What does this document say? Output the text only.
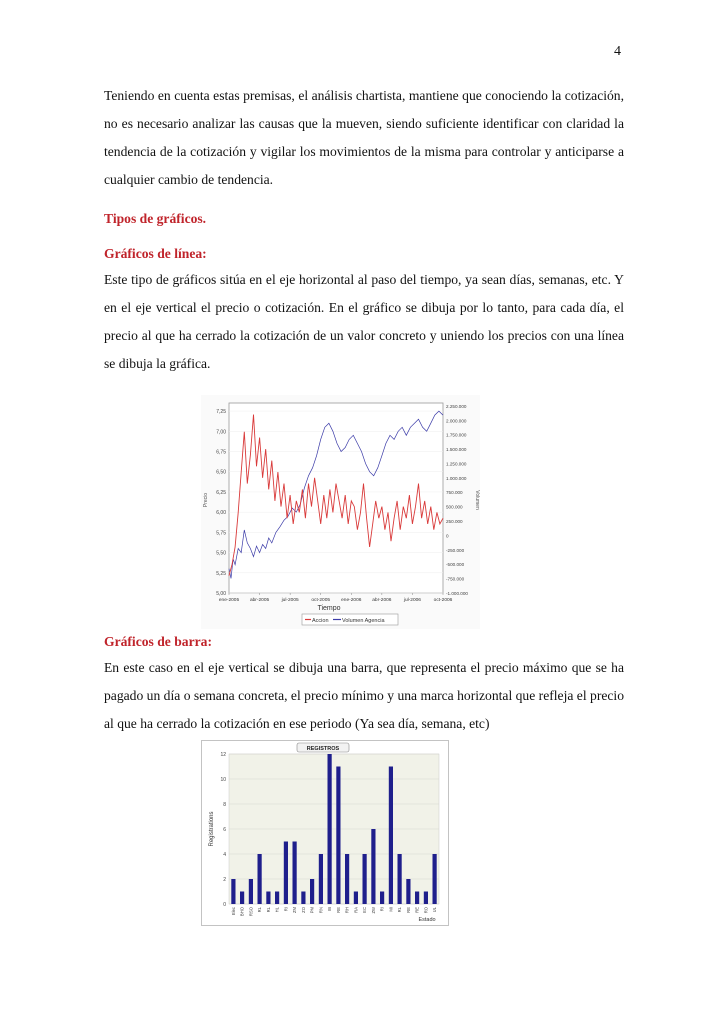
4

Teniendo en cuenta estas premisas, el análisis chartista, mantiene que conociendo la cotización, no es necesario analizar las causas que la mueven, siendo suficiente identificar con claridad la tendencia de la cotización y vigilar los movimientos de la misma para controlar y anticiparse a cualquier cambio de tendencia.

Tipos de gráficos.

Gráficos de línea:

Este tipo de gráficos sitúa en el eje horizontal al paso del tiempo, ya sean días, semanas, etc. Y en el eje vertical el precio o cotización. En el gráfico se dibuja por lo tanto, para cada día, el precio al que ha cerrado la cotización de un valor concreto y uniendo los precios con una línea se dibuja la gráfica.

5,00
5,25
5,50
5,75
6,00
6,25
6,50
6,75
7,00
7,25
-1.000.000
-750.000
-500.000
-250.000
0
250.000
500.000
750.000
1.000.000
1.250.000
1.500.000
1.750.000
2.000.000
2.250.000
ene-2005 abr-2005	jul-2005	oct-2005 ene-2006 abr-2006	jul-2006	oct-2006
Tiempo
Precio	Volumen
Accion Volumen Agencia

Gráficos de barra:

En este caso en el eje vertical se dibuja una barra, que representa el precio máximo que se ha pagado un día o semana concreta, el precio mínimo y una marca horizontal que refleja el precio al que ha cerrado la cotización en ese periodo (Ya sea día, semana, etc)

REGISTROS
0
2
4
6
8
10
12
Elec BHO RSO RL RL HL RI ZM ZO PM RN IB RE RH RA EC ZW RI MI RL RE RE RO UL
Registrations
Estado
